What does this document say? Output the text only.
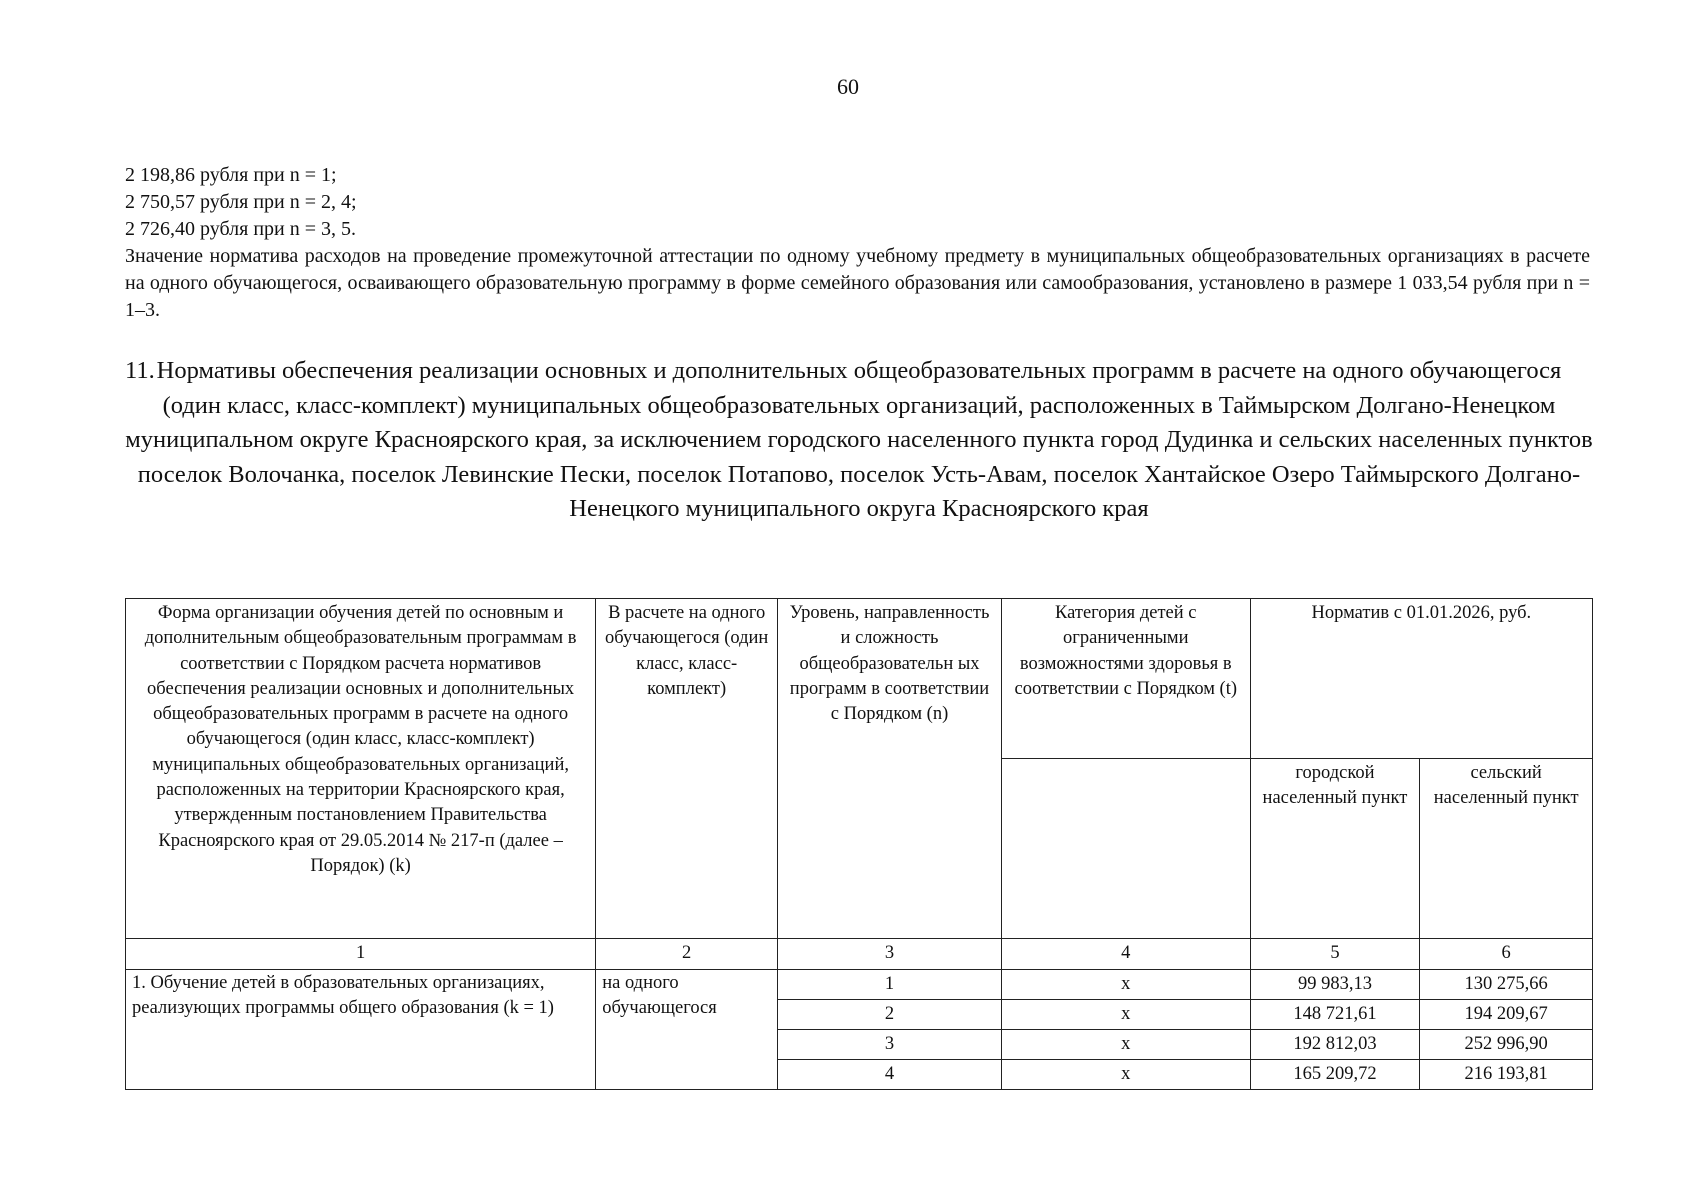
60
2 198,86 рубля при n = 1;
2 750,57 рубля при n = 2, 4;
2 726,40 рубля при n = 3, 5.

Значение норматива расходов на проведение промежуточной аттестации по одному учебному предмету в муниципальных общеобразовательных организациях в расчете на одного обучающегося, осваивающего образовательную программу в форме семейного образования или самообразования, установлено в размере 1 033,54 рубля при n = 1–3.

11. Нормативы обеспечения реализации основных и дополнительных общеобразовательных программ в расчете на одного обучающегося (один класс, класс-комплект) муниципальных общеобразовательных организаций, расположенных в Таймырском Долгано-Ненецком муниципальном округе Красноярского края, за исключением городского населенного пункта город Дудинка и сельских населенных пунктов поселок Волочанка, поселок Левинские Пески, поселок Потапово, поселок Усть-Авам, поселок Хантайское Озеро Таймырского Долгано-Ненецкого муниципального округа Красноярского края
Форма организации обучения детей по основным и дополнительным общеобразовательным программам в соответствии с Порядком расчета нормативов обеспечения реализации основных и дополнительных общеобразовательных программ в расчете на одного обучающегося (один класс, класс-комплект) муниципальных общеобразовательных организаций, расположенных на территории Красноярского края, утвержденным постановлением Правительства Красноярского края от 29.05.2014 № 217-п (далее – Порядок) (k)	В расчете на одного обучающегося (один класс, класс-комплект)	Уровень, направленность и сложность общеобразовательн ых программ в соответствии с Порядком (n)	Категория детей с ограниченными возможностями здоровья в соответствии с Порядком (t)	Норматив с 01.01.2026, руб.	
				городской населенный пункт	сельский населенный пункт
1	2	3	4	5	6
1. Обучение детей в образовательных организациях, реализующих программы общего образования (k = 1)	на одного обучающегося	1	х	99 983,13	130 275,66
		2	х	148 721,61	194 209,67
		3	х	192 812,03	252 996,90
		4	х	165 209,72	216 193,81
